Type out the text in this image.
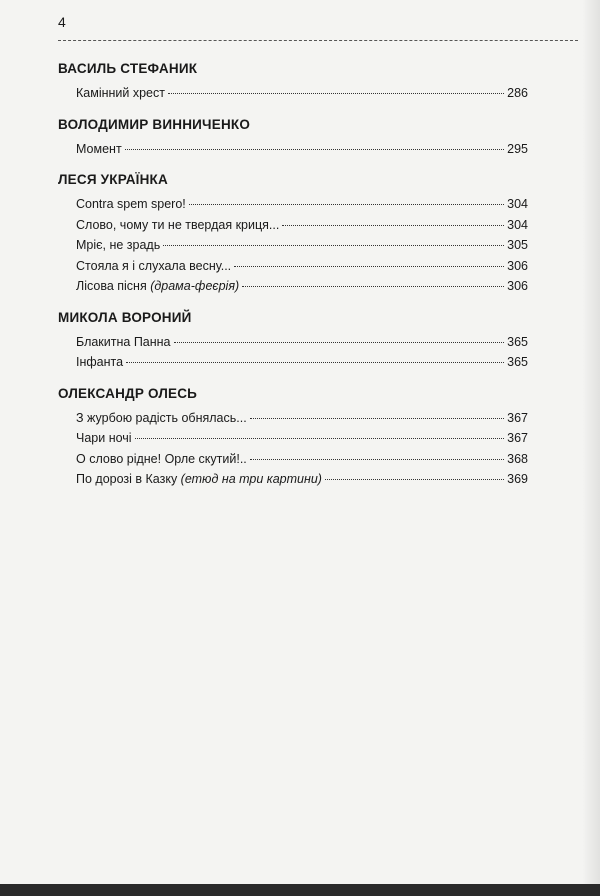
4
ВАСИЛЬ СТЕФАНИК
Камінний хрест	286
ВОЛОДИМИР ВИННИЧЕНКО
Момент	295
ЛЕСЯ УКРАЇНКА
Contra spem spero!	304
Слово, чому ти не твердая криця...	304
Мріє, не зрадь	305
Стояла я і слухала весну...	306
Лісова пісня (драма-феєрія)	306
МИКОЛА ВОРОНИЙ
Блакитна Панна	365
Інфанта	365
ОЛЕКСАНДР ОЛЕСЬ
З журбою радість обнялась...	367
Чари ночі	367
О слово рідне! Орле скутий!..	368
По дорозі в Казку (етюд на три картини)	369
